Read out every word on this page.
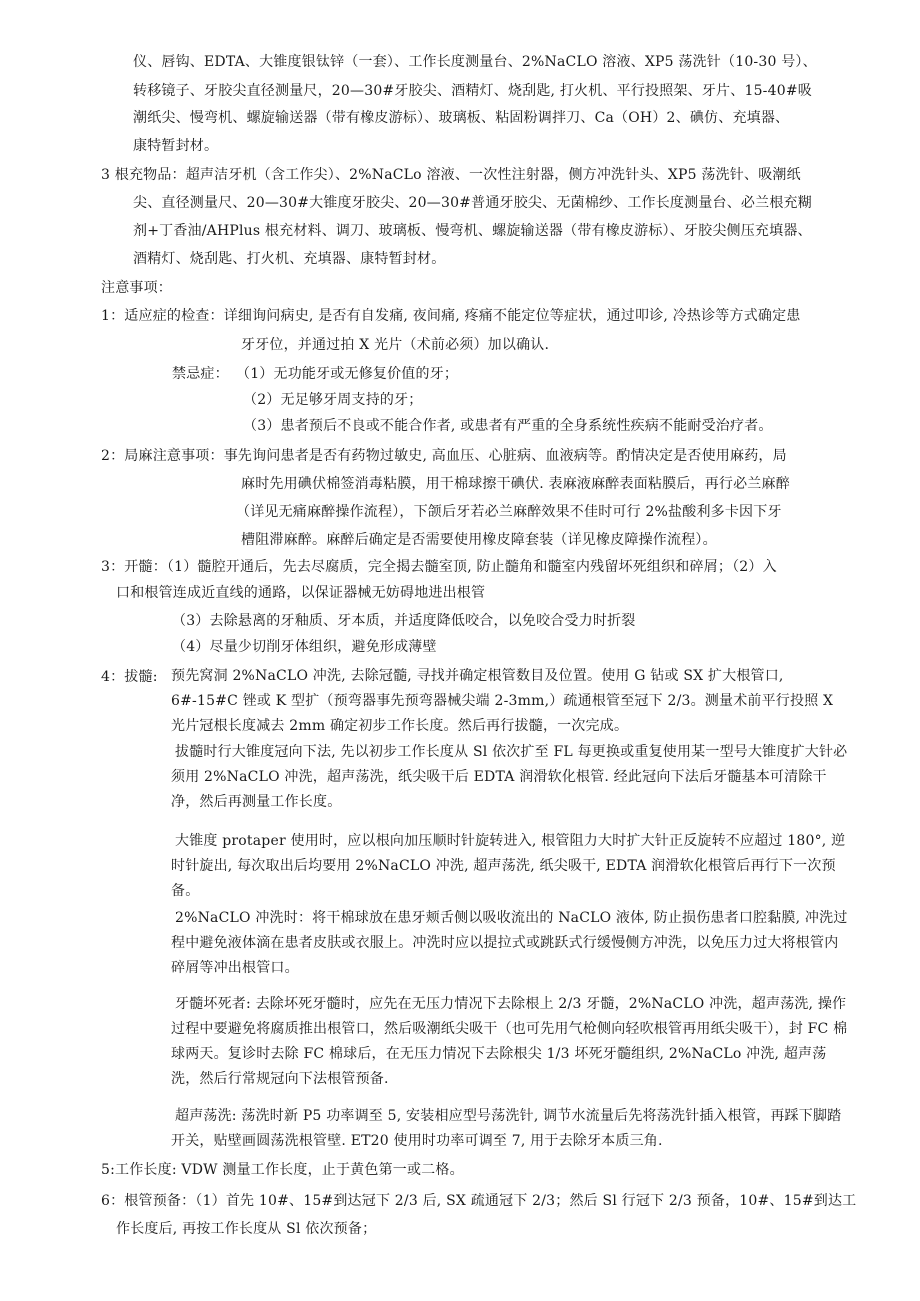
仪、唇钩、EDTA、大锥度银钛锌（一套）、工作长度测量台、2%NaCLO 溶液、XP5 荡洗针（10-30 号）、
转移镜子、牙胶尖直径测量尺，20—30#牙胶尖、酒精灯、烧刮匙, 打火机、平行投照架、牙片、15-40#吸
潮纸尖、慢弯机、螺旋输送器（带有橡皮游标）、玻璃板、粘固粉调拌刀、Ca（OH）2、碘仿、充填器、
康特暂封材。
3 根充物品：超声洁牙机（含工作尖）、2%NaCLo 溶液、一次性注射器，侧方冲洗针头、XP5 荡洗针、吸潮纸
尖、直径测量尺、20—30#大锥度牙胶尖、20—30#普通牙胶尖、无菌棉纱、工作长度测量台、必兰根充糊
剂+丁香油/AHPlus 根充材料、调刀、玻璃板、慢弯机、螺旋输送器（带有橡皮游标）、牙胶尖侧压充填器、
酒精灯、烧刮匙、打火机、充填器、康特暂封材。
注意事项：
1：适应症的检查：详细询问病史, 是否有自发痛, 夜间痛, 疼痛不能定位等症状，通过叩诊, 冷热诊等方式确定患
牙牙位，并通过拍 X 光片（术前必须）加以确认.
禁忌症： （1）无功能牙或无修复价值的牙；
（2）无足够牙周支持的牙；
（3）患者预后不良或不能合作者, 或患者有严重的全身系统性疾病不能耐受治疗者。
2：局麻注意事项：事先询问患者是否有药物过敏史, 高血压、心脏病、血液病等。酌情决定是否使用麻药，局
麻时先用碘伏棉签消毒粘膜，用干棉球擦干碘伏. 表麻液麻醉表面粘膜后，再行必兰麻醉
（详见无痛麻醉操作流程），下颌后牙若必兰麻醉效果不佳时可行 2%盐酸利多卡因下牙
槽阻滞麻醉。麻醉后确定是否需要使用橡皮障套装（详见橡皮障操作流程）。
3：开髓：（1）髓腔开通后，先去尽腐质，完全揭去髓室顶, 防止髓角和髓室内残留坏死组织和碎屑；（2）入
口和根管连成近直线的通路，以保证器械无妨碍地进出根管
（3）去除悬离的牙釉质、牙本质，并适度降低咬合，以免咬合受力时折裂
（4）尽量少切削牙体组织，避免形成薄壁
4：拔髓: 预先窝洞 2%NaCLO 冲洗, 去除冠髓, 寻找并确定根管数目及位置。使用 G 钻或 SX 扩大根管口, 6#-15#C 锉或 K 型扩（预弯器事先预弯器械尖端 2-3mm,）疏通根管至冠下 2/3。测量术前平行投照 X 光片冠根长度减去 2mm 确定初步工作长度。然后再行拔髓，一次完成。
拔髓时行大锥度冠向下法, 先以初步工作长度从 Sl 依次扩至 FL 每更换或重复使用某一型号大锥度扩大针必须用 2%NaCLO 冲洗，超声荡洗，纸尖吸干后 EDTA 润滑软化根管. 经此冠向下法后牙髓基本可清除干净，然后再测量工作长度。
大锥度 protaper 使用时，应以根向加压顺时针旋转进入, 根管阻力大时扩大针正反旋转不应超过 180°, 逆时针旋出, 每次取出后均要用 2%NaCLO 冲洗, 超声荡洗, 纸尖吸干, EDTA 润滑软化根管后再行下一次预备。
2%NaCLO 冲洗时：将干棉球放在患牙颊舌侧以吸收流出的 NaCLO 液体, 防止损伤患者口腔黏膜, 冲洗过程中避免液体滴在患者皮肤或衣服上。冲洗时应以提拉式或跳跃式行缓慢侧方冲洗，以免压力过大将根管内碎屑等冲出根管口。
牙髓坏死者: 去除坏死牙髓时，应先在无压力情况下去除根上 2/3 牙髓，2%NaCLO 冲洗，超声荡洗, 操作过程中要避免将腐质推出根管口，然后吸潮纸尖吸干（也可先用气枪侧向轻吹根管再用纸尖吸干），封 FC 棉球两天。复诊时去除 FC 棉球后，在无压力情况下去除根尖 1/3 坏死牙髓组织, 2%NaCLo 冲洗, 超声荡洗，然后行常规冠向下法根管预备.
超声荡洗: 荡洗时新 P5 功率调至 5, 安装相应型号荡洗针, 调节水流量后先将荡洗针插入根管，再踩下脚踏开关，贴壁画圆荡洗根管壁. ET20 使用时功率可调至 7, 用于去除牙本质三角.
5:工作长度: VDW 测量工作长度，止于黄色第一或二格。
6：根管预备：（1）首先 10#、15#到达冠下 2/3 后, SX 疏通冠下 2/3；然后 Sl 行冠下 2/3 预备，10#、15#到达工
作长度后, 再按工作长度从 Sl 依次预备；
